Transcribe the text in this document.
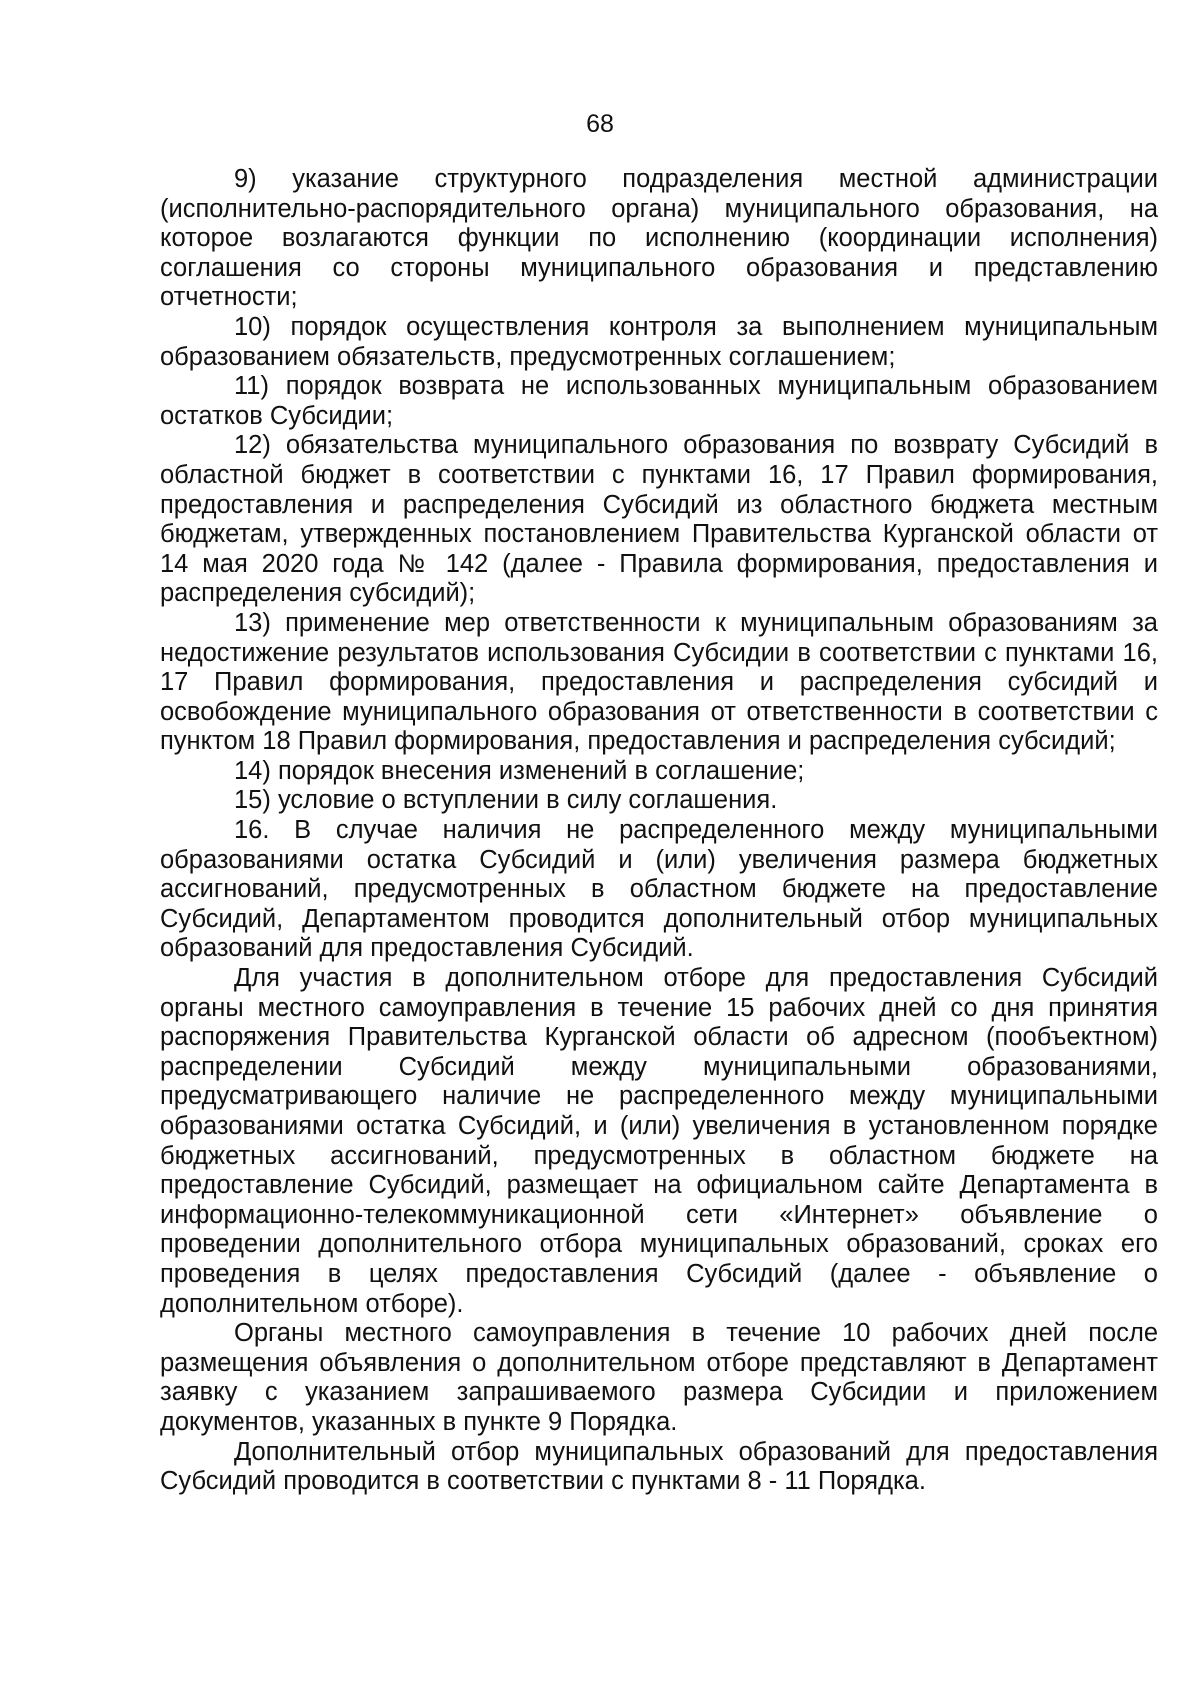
68

9) указание структурного подразделения местной администрации (исполнительно-распорядительного органа) муниципального образования, на которое возлагаются функции по исполнению (координации исполнения) соглашения со стороны муниципального образования и представлению отчетности;

10) порядок осуществления контроля за выполнением муниципальным образованием обязательств, предусмотренных соглашением;

11) порядок возврата не использованных муниципальным образованием остатков Субсидии;

12) обязательства муниципального образования по возврату Субсидий в областной бюджет в соответствии с пунктами 16, 17 Правил формирования, предоставления и распределения Субсидий из областного бюджета местным бюджетам, утвержденных постановлением Правительства Курганской области от 14 мая 2020 года № 142 (далее - Правила формирования, предоставления и распределения субсидий);

13) применение мер ответственности к муниципальным образованиям за недостижение результатов использования Субсидии в соответствии с пунктами 16, 17 Правил формирования, предоставления и распределения субсидий и освобождение муниципального образования от ответственности в соответствии с пунктом 18 Правил формирования, предоставления и распределения субсидий;

14) порядок внесения изменений в соглашение;

15) условие о вступлении в силу соглашения.

16. В случае наличия не распределенного между муниципальными образованиями остатка Субсидий и (или) увеличения размера бюджетных ассигнований, предусмотренных в областном бюджете на предоставление Субсидий, Департаментом проводится дополнительный отбор муниципальных образований для предоставления Субсидий.

Для участия в дополнительном отборе для предоставления Субсидий органы местного самоуправления в течение 15 рабочих дней со дня принятия распоряжения Правительства Курганской области об адресном (пообъектном) распределении Субсидий между муниципальными образованиями, предусматривающего наличие не распределенного между муниципальными образованиями остатка Субсидий, и (или) увеличения в установленном порядке бюджетных ассигнований, предусмотренных в областном бюджете на предоставление Субсидий, размещает на официальном сайте Департамента в информационно-телекоммуникационной сети «Интернет» объявление о проведении дополнительного отбора муниципальных образований, сроках его проведения в целях предоставления Субсидий (далее - объявление о дополнительном отборе).

Органы местного самоуправления в течение 10 рабочих дней после размещения объявления о дополнительном отборе представляют в Департамент заявку с указанием запрашиваемого размера Субсидии и приложением документов, указанных в пункте 9 Порядка.

Дополнительный отбор муниципальных образований для предоставления Субсидий проводится в соответствии с пунктами 8 - 11 Порядка.
